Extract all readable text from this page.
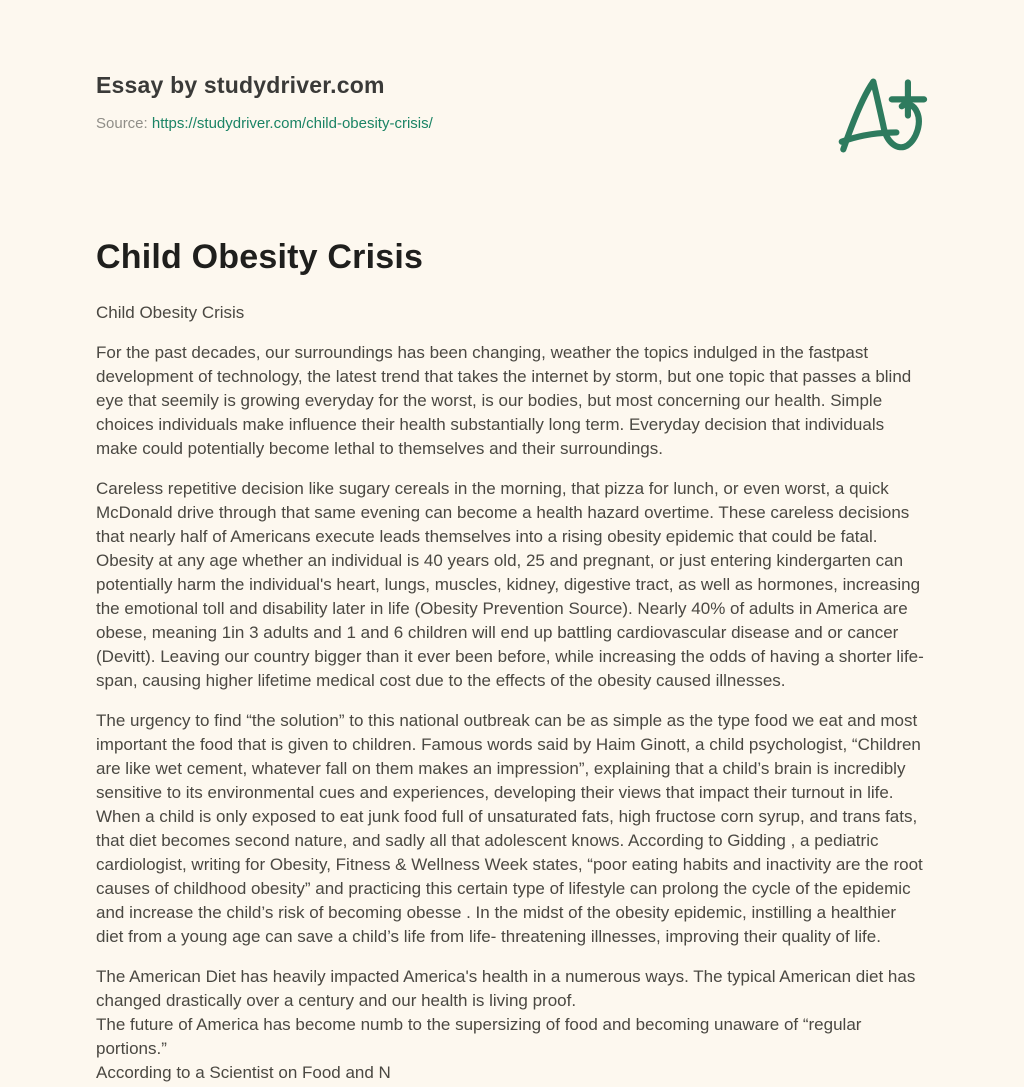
Essay by studydriver.com
Source: https://studydriver.com/child-obesity-crisis/
Child Obesity Crisis

Child Obesity Crisis

For the past decades, our surroundings has been changing, weather the topics indulged in the fastpast development of technology, the latest trend that takes the internet by storm, but one topic that passes a blind eye that seemily is growing everyday for the worst, is our bodies, but most concerning our health. Simple choices individuals make influence their health substantially long term. Everyday decision that individuals make could potentially become lethal to themselves and their surroundings.

Careless repetitive decision like sugary cereals in the morning, that pizza for lunch, or even worst, a quick McDonald drive through that same evening can become a health hazard overtime. These careless decisions that nearly half of Americans execute leads themselves into a rising obesity epidemic that could be fatal. Obesity at any age whether an individual is 40 years old, 25 and pregnant, or just entering kindergarten can potentially harm the individual's heart, lungs, muscles, kidney, digestive tract, as well as hormones, increasing the emotional toll and disability later in life (Obesity Prevention Source). Nearly 40% of adults in America are obese, meaning 1in 3 adults and 1 and 6 children will end up battling cardiovascular disease and or cancer (Devitt). Leaving our country bigger than it ever been before, while increasing the odds of having a shorter life-span, causing higher lifetime medical cost due to the effects of the obesity caused illnesses.

The urgency to find “the solution” to this national outbreak can be as simple as the type food we eat and most important the food that is given to children. Famous words said by Haim Ginott, a child psychologist, “Children are like wet cement, whatever fall on them makes an impression”, explaining that a child’s brain is incredibly sensitive to its environmental cues and experiences, developing their views that impact their turnout in life. When a child is only exposed to eat junk food full of unsaturated fats, high fructose corn syrup, and trans fats, that diet becomes second nature, and sadly all that adolescent knows. According to Gidding , a pediatric cardiologist, writing for Obesity, Fitness & Wellness Week states, “poor eating habits and inactivity are the root causes of childhood obesity” and practicing this certain type of lifestyle can prolong the cycle of the epidemic and increase the child’s risk of becoming obesse . In the midst of the obesity epidemic, instilling a healthier diet from a young age can save a child’s life from life- threatening illnesses, improving their quality of life.

The American Diet has heavily impacted America's health in a numerous ways. The typical American diet has changed drastically over a century and our health is living proof.
The future of America has become numb to the supersizing of food and becoming unaware of “regular portions.”
According to a Scientist on Food and N
